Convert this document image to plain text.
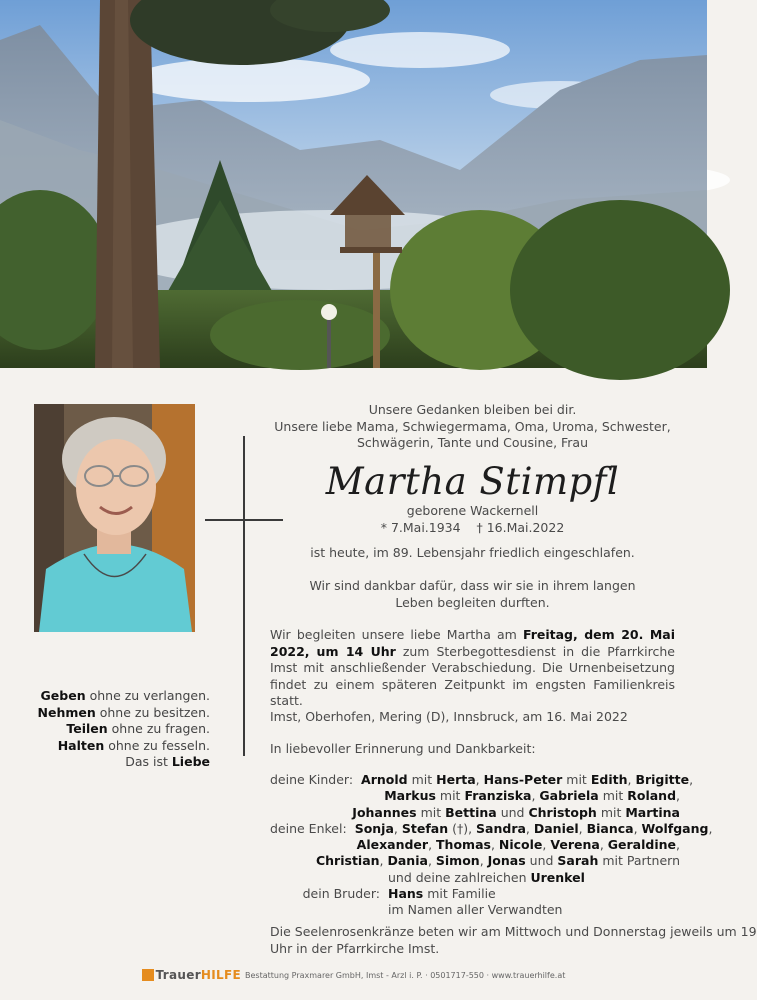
Geben ohne zu verlangen.
Nehmen ohne zu besitzen.
Teilen ohne zu fragen.
Halten ohne zu fesseln.
Das ist Liebe
Unsere Gedanken bleiben bei dir.
Unsere liebe Mama, Schwiegermama, Oma, Uroma, Schwester,
Schwägerin, Tante und Cousine, Frau
Martha Stimpfl
geborene Wackernell
* 7.Mai.1934    † 16.Mai.2022
ist heute, im 89. Lebensjahr friedlich eingeschlafen.
Wir sind dankbar dafür, dass wir sie in ihrem langen
Leben begleiten durften.
Wir begleiten unsere liebe Martha am Freitag, dem 20. Mai 2022, um 14 Uhr zum Sterbegottesdienst in die Pfarrkirche Imst mit anschließender Verabschiedung. Die Urnenbeisetzung findet zu einem späteren Zeitpunkt im engsten Familienkreis statt.
Imst, Oberhofen, Mering (D), Innsbruck, am 16. Mai 2022
In liebevoller Erinnerung und Dankbarkeit:
deine Kinder: Arnold mit Herta, Hans-Peter mit Edith, Brigitte,
Markus mit Franziska, Gabriela mit Roland,
Johannes mit Bettina und Christoph mit Martina
deine Enkel: Sonja, Stefan (†), Sandra, Daniel, Bianca, Wolfgang,
Alexander, Thomas, Nicole, Verena, Geraldine,
Christian, Dania, Simon, Jonas und Sarah mit Partnern
und deine zahlreichen Urenkel
dein Bruder: Hans mit Familie
im Namen aller Verwandten
Die Seelenrosenkränze beten wir am Mittwoch und Donnerstag jeweils um 19
Uhr in der Pfarrkirche Imst.
TrauerHILFE Bestattung Praxmarer GmbH, Imst - Arzl i. P. · 0501717-550 · www.trauerhilfe.at
